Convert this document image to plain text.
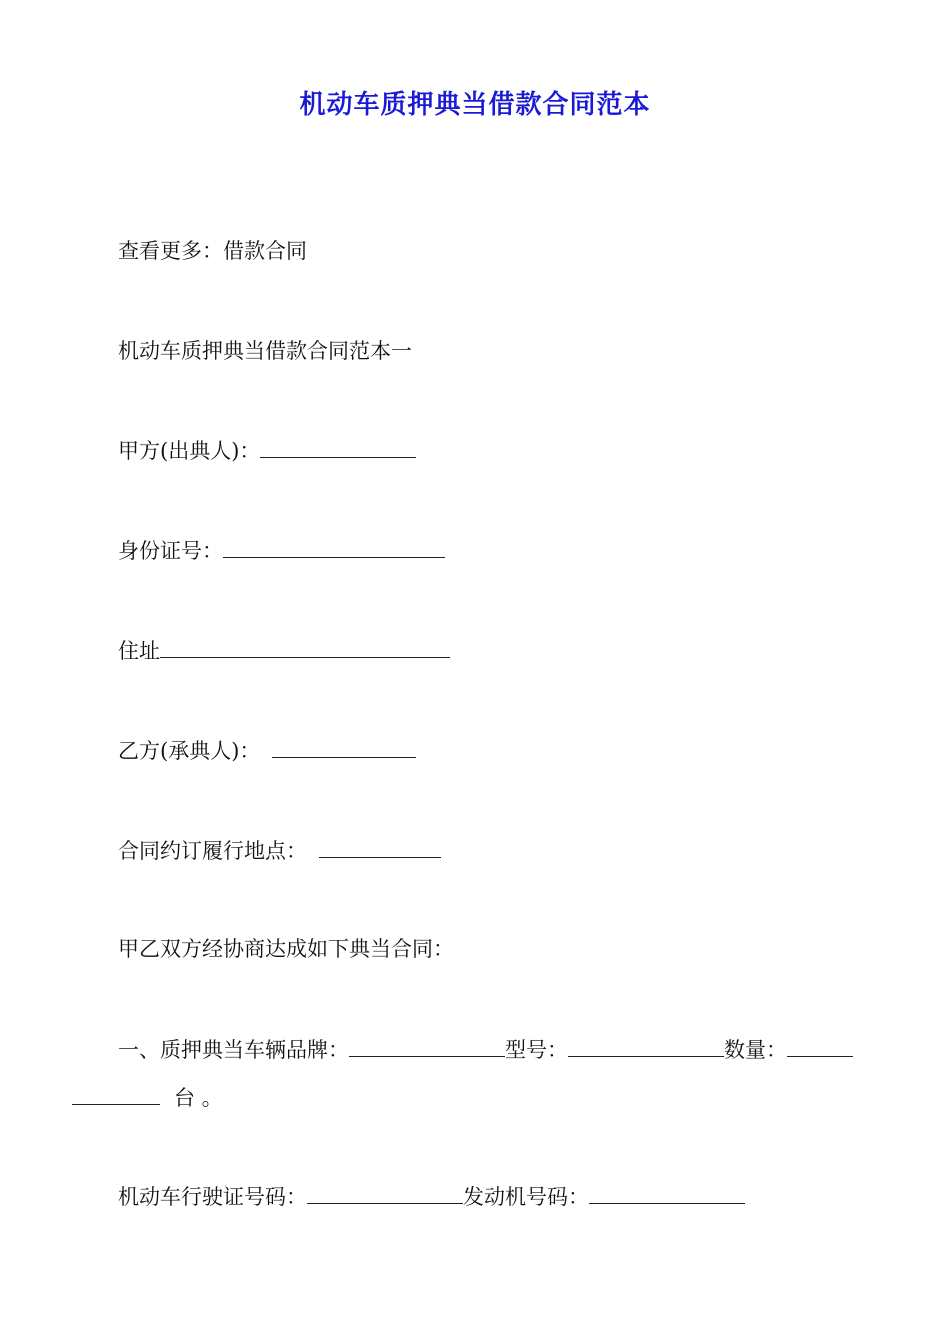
机动车质押典当借款合同范本
查看更多：借款合同
机动车质押典当借款合同范本一
甲方(出典人)：
身份证号：
住址
乙方(承典人)：
合同约订履行地点：
甲乙双方经协商达成如下典当合同：
一、质押典当车辆品牌：	型号：	数量：
台 。
机动车行驶证号码：	发动机号码：
